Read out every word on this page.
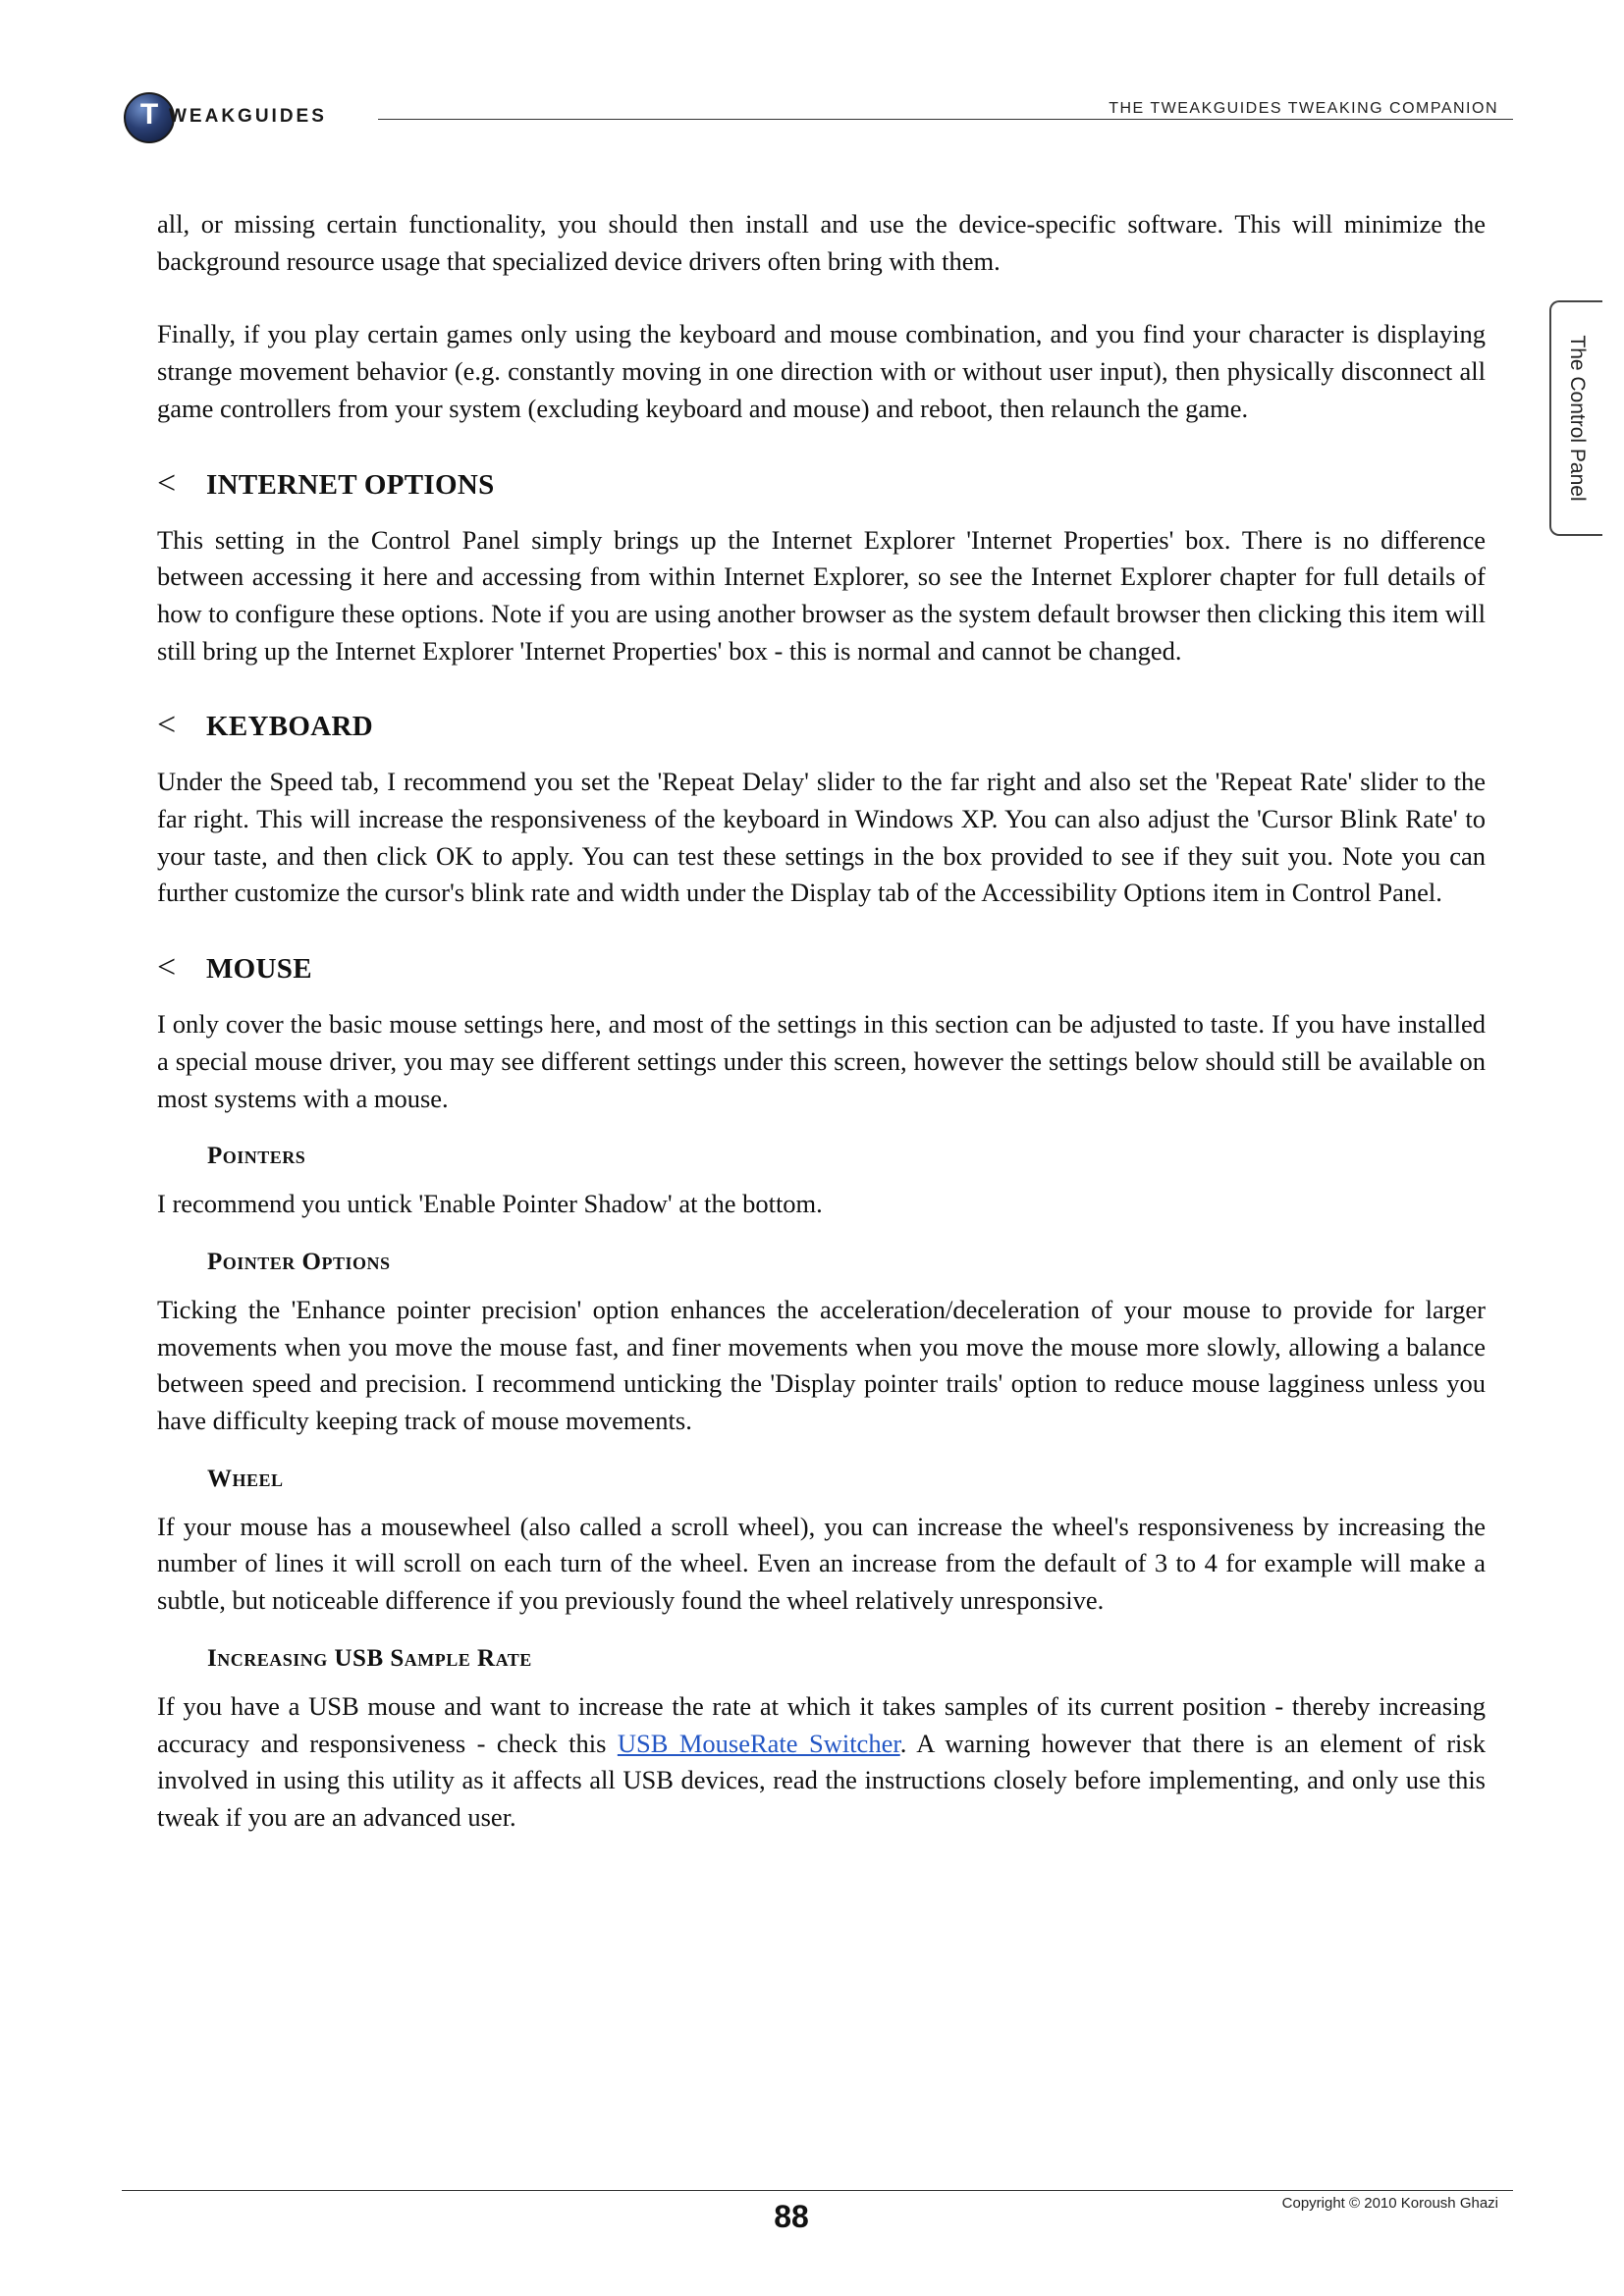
T WEAKGUIDES	THE TWEAKGUIDES TWEAKING COMPANION
The Control Panel

all, or missing certain functionality, you should then install and use the device-specific software. This will minimize the background resource usage that specialized device drivers often bring with them.

Finally, if you play certain games only using the keyboard and mouse combination, and you find your character is displaying strange movement behavior (e.g. constantly moving in one direction with or without user input), then physically disconnect all game controllers from your system (excluding keyboard and mouse) and reboot, then relaunch the game.

< INTERNET OPTIONS

This setting in the Control Panel simply brings up the Internet Explorer 'Internet Properties' box. There is no difference between accessing it here and accessing from within Internet Explorer, so see the Internet Explorer chapter for full details of how to configure these options. Note if you are using another browser as the system default browser then clicking this item will still bring up the Internet Explorer 'Internet Properties' box - this is normal and cannot be changed.

< KEYBOARD

Under the Speed tab, I recommend you set the 'Repeat Delay' slider to the far right and also set the 'Repeat Rate' slider to the far right. This will increase the responsiveness of the keyboard in Windows XP. You can also adjust the 'Cursor Blink Rate' to your taste, and then click OK to apply. You can test these settings in the box provided to see if they suit you. Note you can further customize the cursor's blink rate and width under the Display tab of the Accessibility Options item in Control Panel.

< MOUSE

I only cover the basic mouse settings here, and most of the settings in this section can be adjusted to taste. If you have installed a special mouse driver, you may see different settings under this screen, however the settings below should still be available on most systems with a mouse.

Pointers

I recommend you untick 'Enable Pointer Shadow' at the bottom.

Pointer Options

Ticking the 'Enhance pointer precision' option enhances the acceleration/deceleration of your mouse to provide for larger movements when you move the mouse fast, and finer movements when you move the mouse more slowly, allowing a balance between speed and precision. I recommend unticking the 'Display pointer trails' option to reduce mouse lagginess unless you have difficulty keeping track of mouse movements.

Wheel

If your mouse has a mousewheel (also called a scroll wheel), you can increase the wheel's responsiveness by increasing the number of lines it will scroll on each turn of the wheel. Even an increase from the default of 3 to 4 for example will make a subtle, but noticeable difference if you previously found the wheel relatively unresponsive.

Increasing USB Sample Rate

If you have a USB mouse and want to increase the rate at which it takes samples of its current position - thereby increasing accuracy and responsiveness - check this USB MouseRate Switcher. A warning however that there is an element of risk involved in using this utility as it affects all USB devices, read the instructions closely before implementing, and only use this tweak if you are an advanced user.

Copyright © 2010 Koroush Ghazi
88
